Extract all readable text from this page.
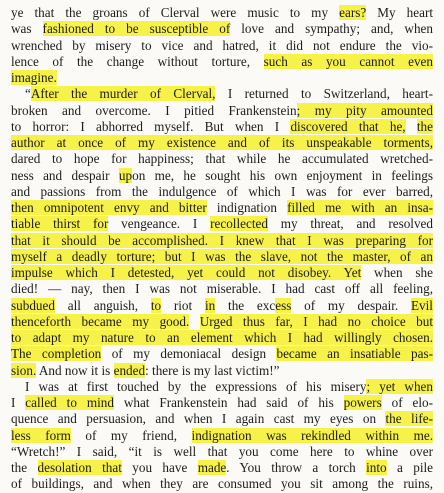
ye that the groans of Clerval were music to my ears? My heart
was fashioned to be susceptible of love and sympathy; and, when
wrenched by misery to vice and hatred, it did not endure the vio-
lence of the change without torture, such as you cannot even
imagine.
“After the murder of Clerval, I returned to Switzerland, heart-
broken and overcome. I pitied Frankenstein; my pity amounted
to horror: I abhorred myself. But when I discovered that he, the
author at once of my existence and of its unspeakable torments,
dared to hope for happiness; that while he accumulated wretched-
ness and despair upon me, he sought his own enjoyment in feelings
and passions from the indulgence of which I was for ever barred,
then omnipotent envy and bitter indignation filled me with an insa-
tiable thirst for vengeance. I recollected my threat, and resolved
that it should be accomplished. I knew that I was preparing for
myself a deadly torture; but I was the slave, not the master, of an
impulse which I detested, yet could not disobey. Yet when she
died! — nay, then I was not miserable. I had cast off all feeling,
subdued all anguish, to riot in the excess of my despair. Evil
thenceforth became my good. Urged thus far, I had no choice but
to adapt my nature to an element which I had willingly chosen.
The completion of my demoniacal design became an insatiable pas-
sion. And now it is ended: there is my last victim!”
I was at first touched by the expressions of his misery; yet when
I called to mind what Frankenstein had said of his powers of elo-
quence and persuasion, and when I again cast my eyes on the life-
less form of my friend, indignation was rekindled within me.
“Wretch!” I said, “it is well that you come here to whine over
the desolation that you have made. You throw a torch into a pile
of buildings, and when they are consumed you sit among the ruins,
